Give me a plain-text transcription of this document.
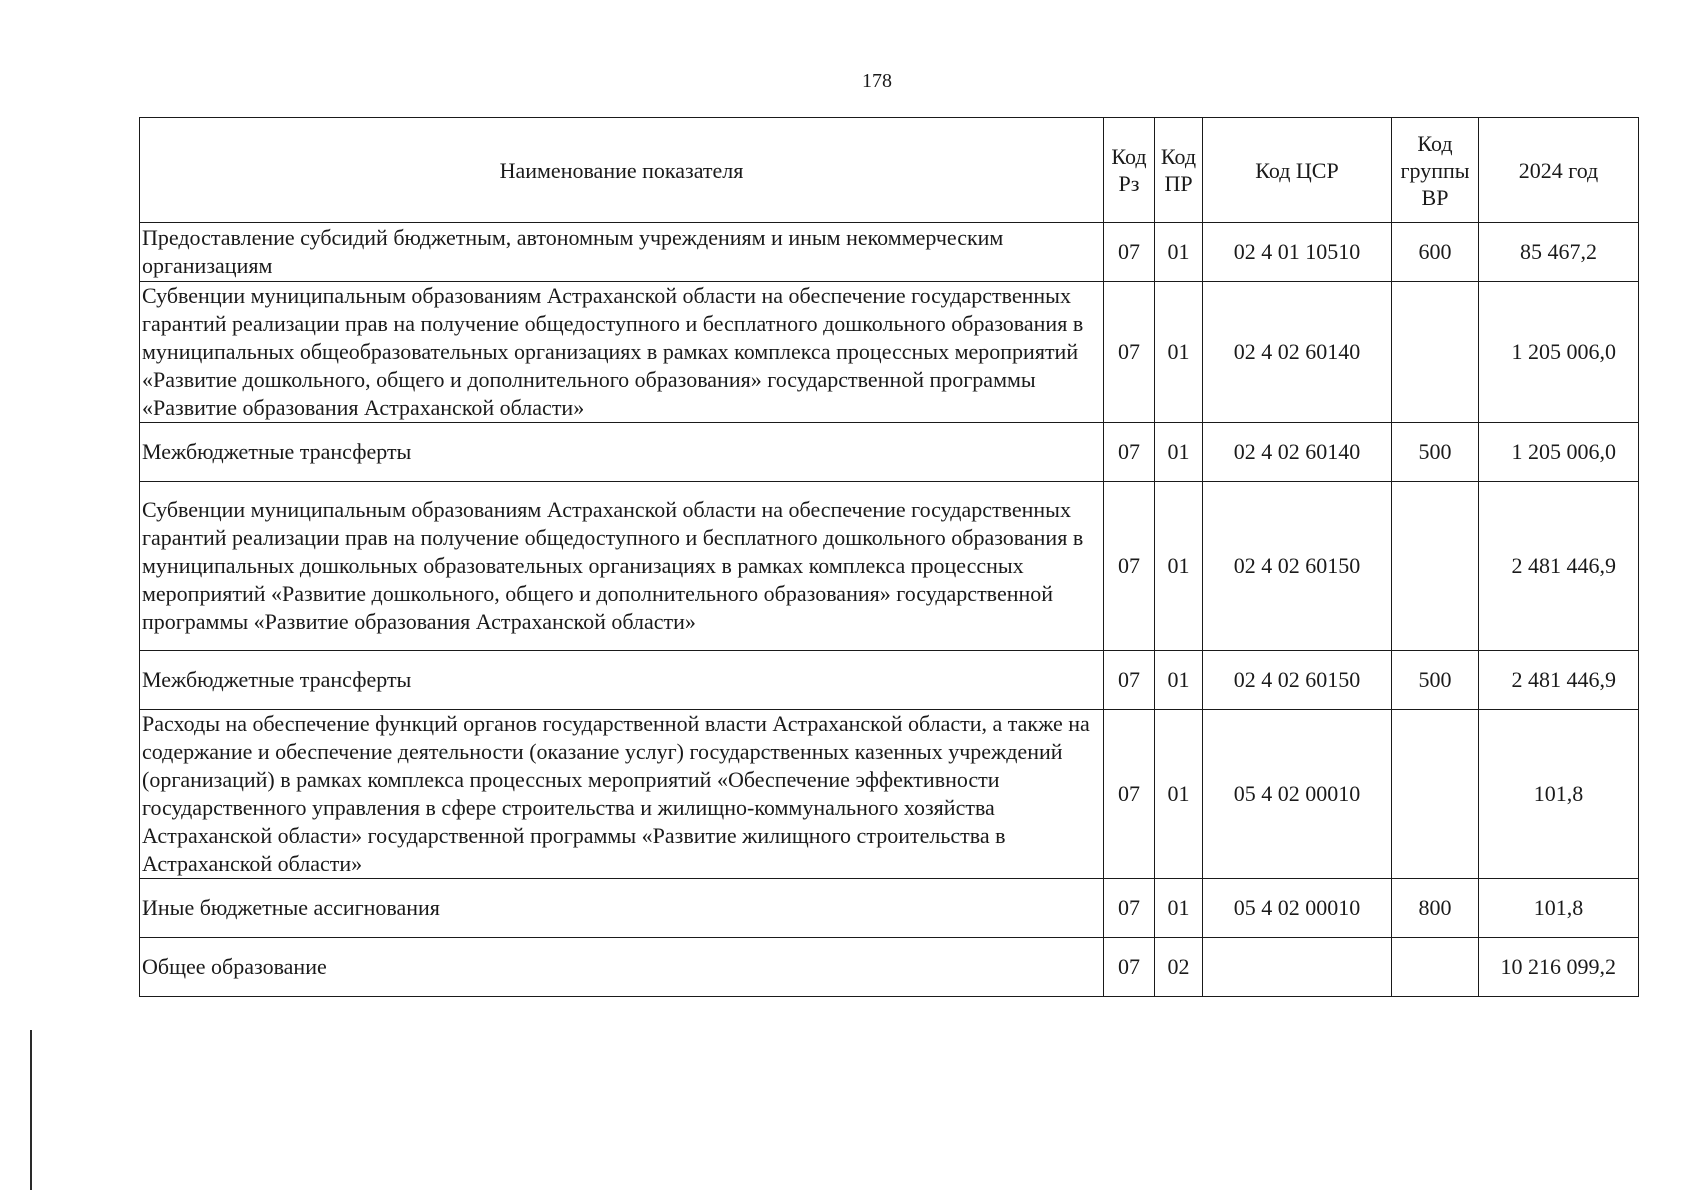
178
Наименование показателя	Код Рз	Код ПР	Код ЦСР	Код группы ВР	2024 год
Предоставление субсидий бюджетным, автономным учреждениям и иным некоммерческим организациям	07	01	02 4 01 10510	600	85 467,2
Субвенции муниципальным образованиям Астраханской области на обеспечение государственных гарантий реализации прав на получение общедоступного и бесплатного дошкольного образования в муниципальных общеобразовательных организациях в рамках комплекса процессных мероприятий «Развитие дошкольного, общего и дополнительного образования» государственной программы «Развитие образования Астраханской области»	07	01	02 4 02 60140		1 205 006,0
Межбюджетные трансферты	07	01	02 4 02 60140	500	1 205 006,0
Субвенции муниципальным образованиям Астраханской области на обеспечение государственных гарантий реализации прав на получение общедоступного и бесплатного дошкольного образования в муниципальных дошкольных образовательных организациях в рамках комплекса процессных мероприятий «Развитие дошкольного, общего и дополнительного образования» государственной программы «Развитие образования Астраханской области»	07	01	02 4 02 60150		2 481 446,9
Межбюджетные трансферты	07	01	02 4 02 60150	500	2 481 446,9
Расходы на обеспечение функций органов государственной власти Астраханской области, а также на содержание и обеспечение деятельности (оказание услуг) государственных казенных учреждений (организаций) в рамках комплекса процессных мероприятий «Обеспечение эффективности государственного управления в сфере строительства и жилищно-коммунального хозяйства Астраханской области» государственной программы «Развитие жилищного строительства в Астраханской области»	07	01	05 4 02 00010		101,8
Иные бюджетные ассигнования	07	01	05 4 02 00010	800	101,8
Общее образование	07	02			10 216 099,2
